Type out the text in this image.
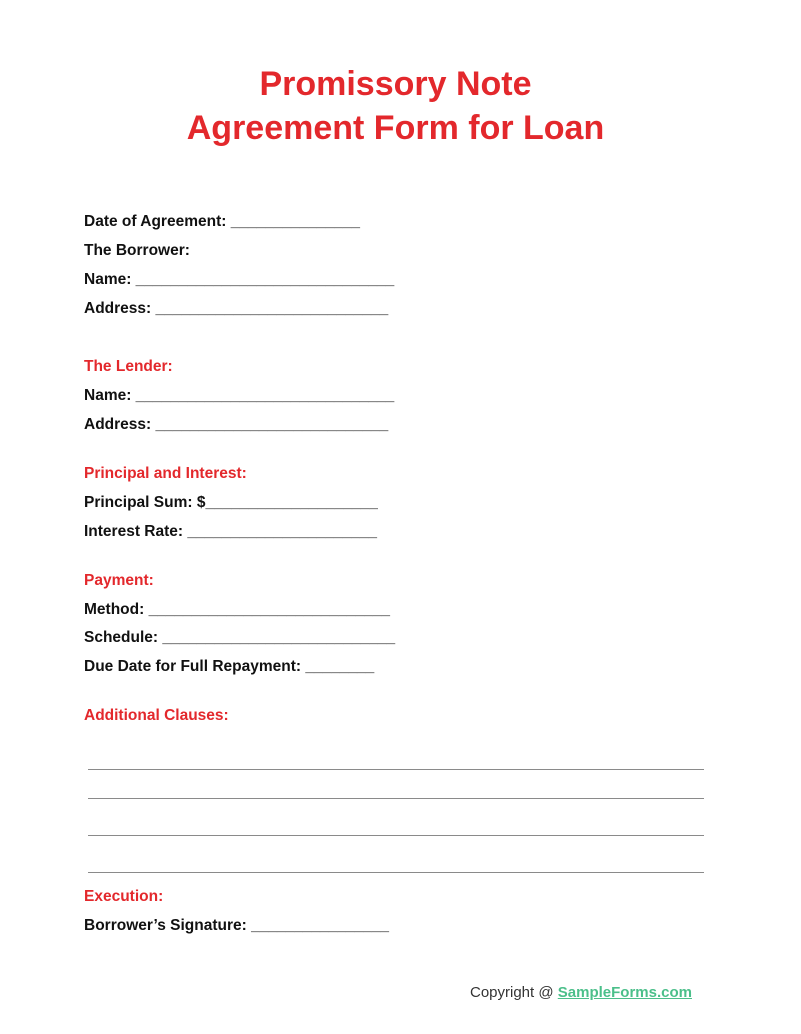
Promissory Note
Agreement Form for Loan
Date of Agreement: _______________
The Borrower:
Name: ______________________________
Address: ___________________________
The Lender:
Name: ______________________________
Address: ___________________________
Principal and Interest:
Principal Sum: $____________________
Interest Rate: ______________________
Payment:
Method: ____________________________
Schedule: ___________________________
Due Date for Full Repayment: ________
Additional Clauses:
Execution:
Borrower’s Signature: ________________
Copyright @ SampleForms.com
